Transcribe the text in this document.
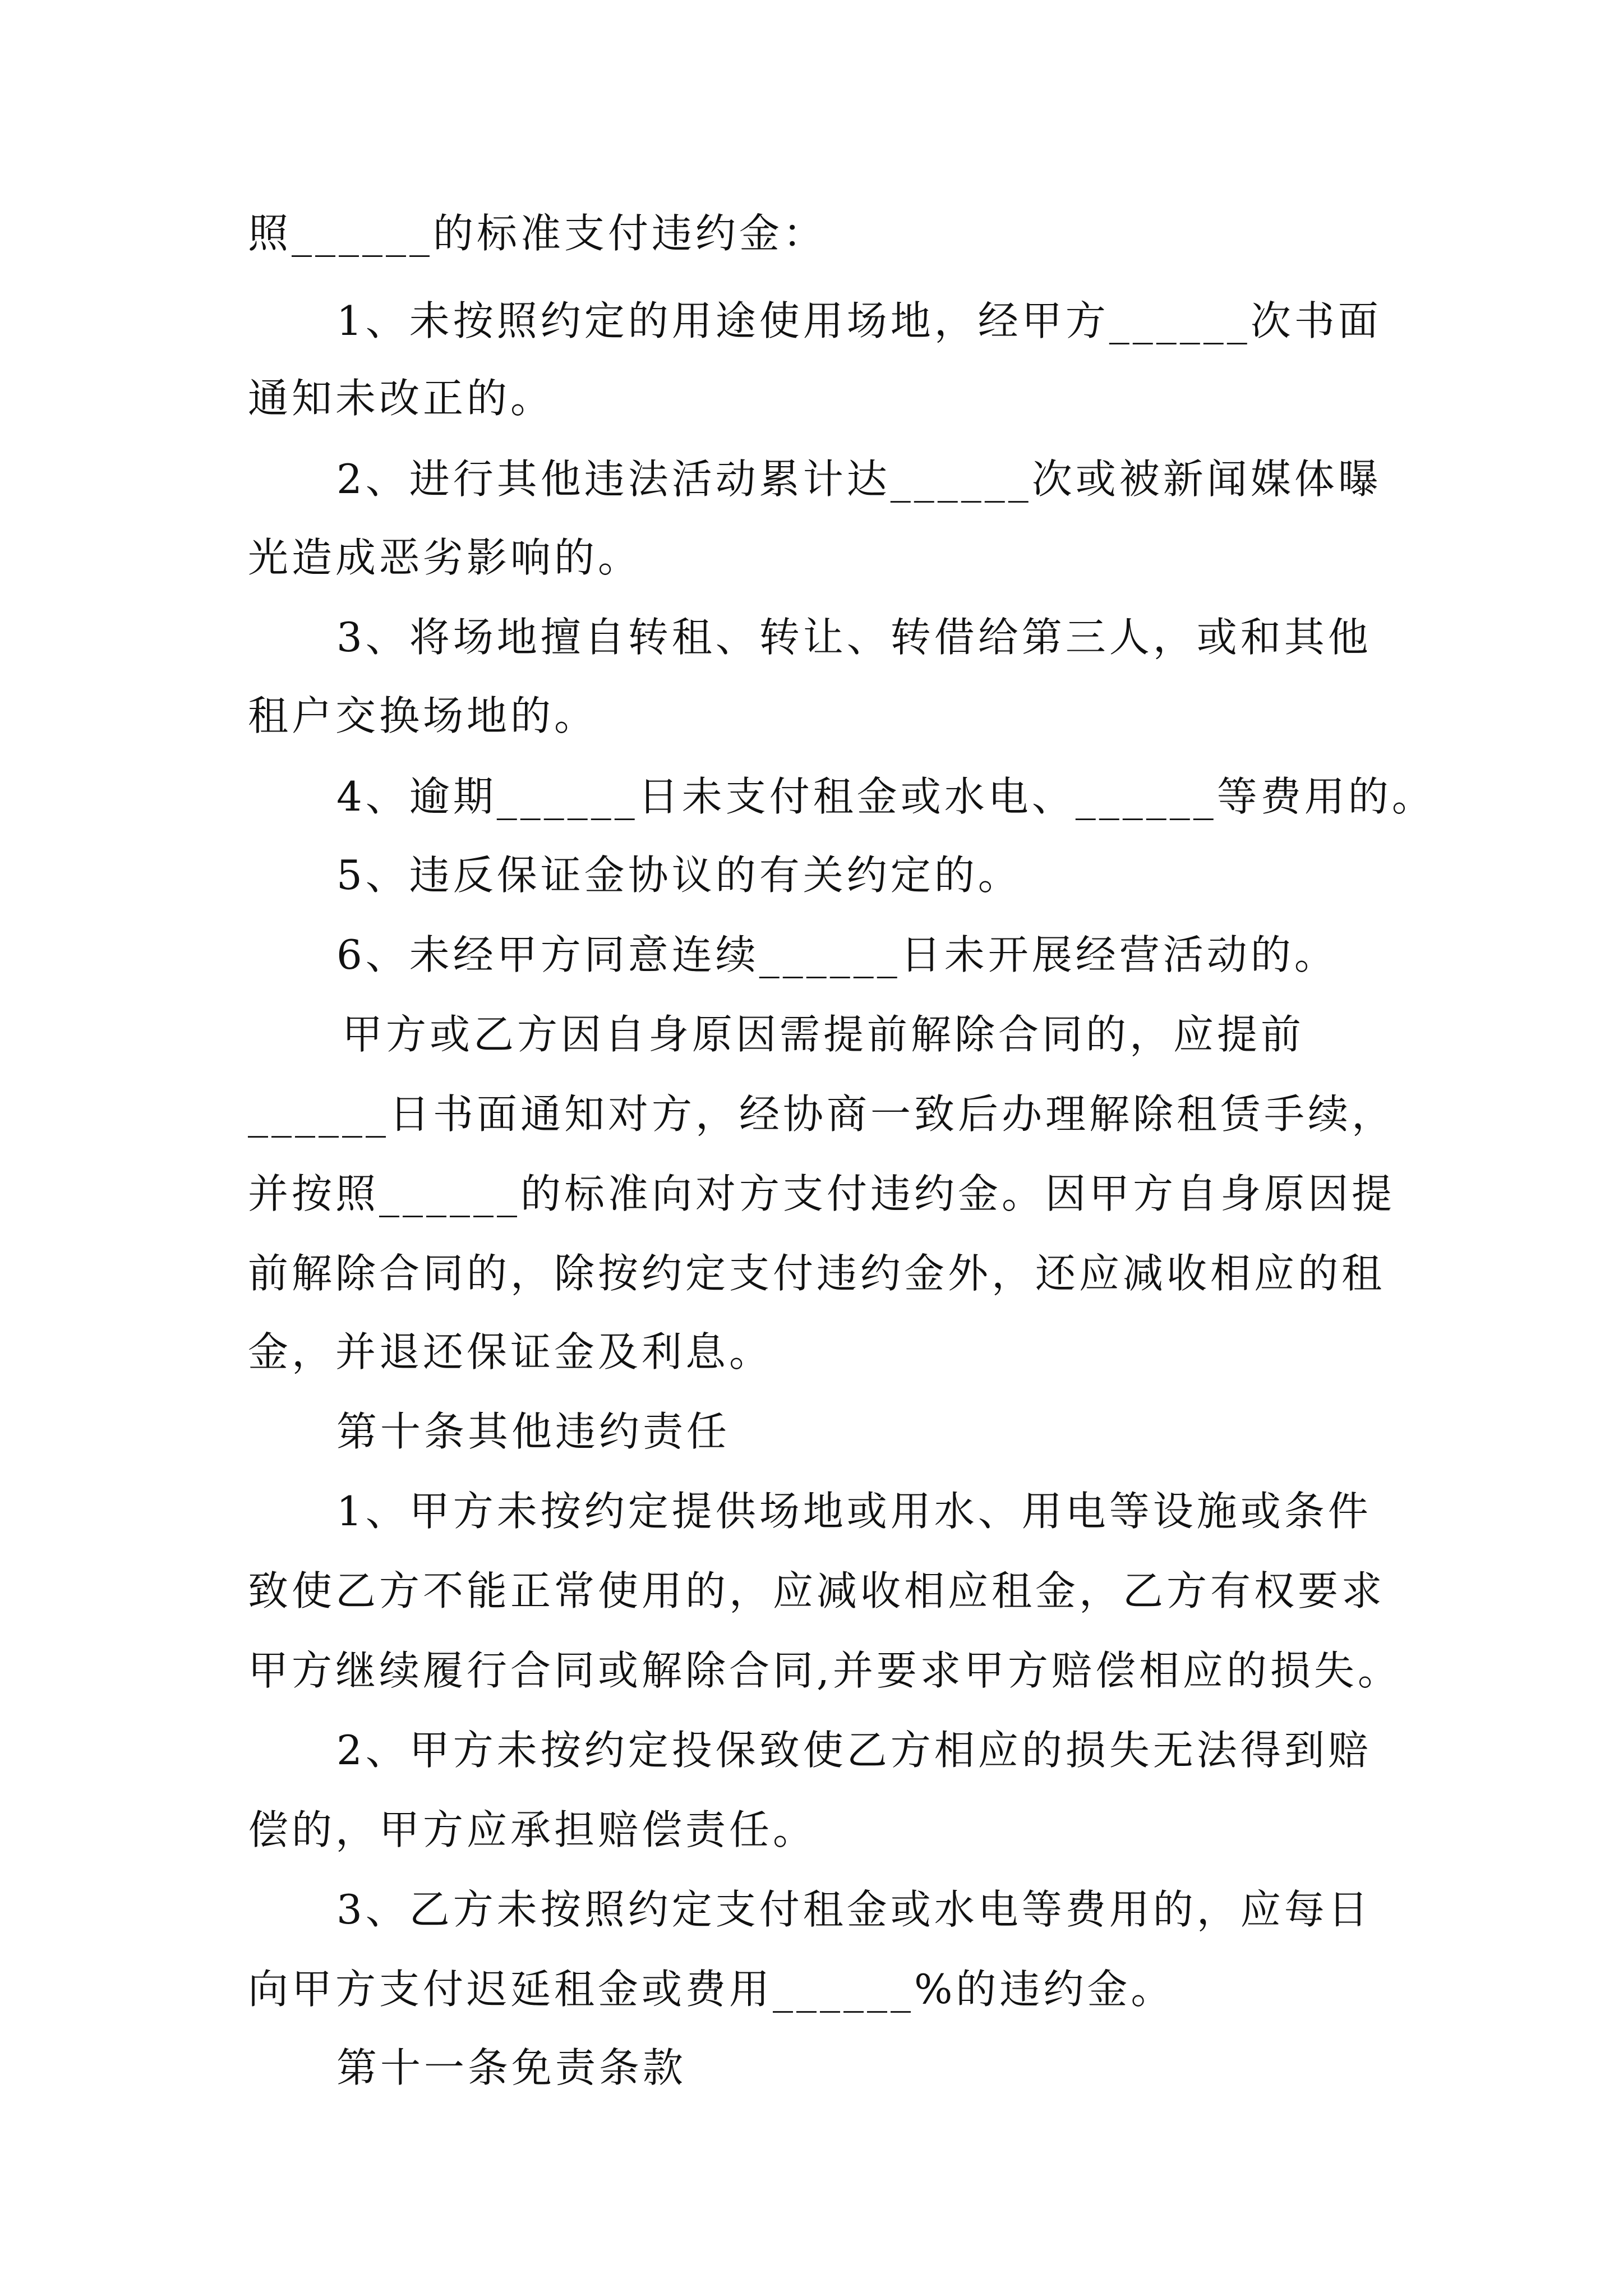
照______的标准支付违约金：
1、未按照约定的用途使用场地，经甲方______次书面
通知未改正的。
2、进行其他违法活动累计达______次或被新闻媒体曝
光造成恶劣影响的。
3、将场地擅自转租、转让、转借给第三人，或和其他
租户交换场地的。
4、逾期______日未支付租金或水电、______等费用的。
5、违反保证金协议的有关约定的。
6、未经甲方同意连续______日未开展经营活动的。
甲方或乙方因自身原因需提前解除合同的，应提前
______日书面通知对方，经协商一致后办理解除租赁手续，
并按照______的标准向对方支付违约金。因甲方自身原因提
前解除合同的，除按约定支付违约金外，还应减收相应的租
金，并退还保证金及利息。
第十条其他违约责任
1、甲方未按约定提供场地或用水、用电等设施或条件
致使乙方不能正常使用的，应减收相应租金，乙方有权要求
甲方继续履行合同或解除合同,并要求甲方赔偿相应的损失。
2、甲方未按约定投保致使乙方相应的损失无法得到赔
偿的，甲方应承担赔偿责任。
3、乙方未按照约定支付租金或水电等费用的，应每日
向甲方支付迟延租金或费用______%的违约金。
第十一条免责条款
